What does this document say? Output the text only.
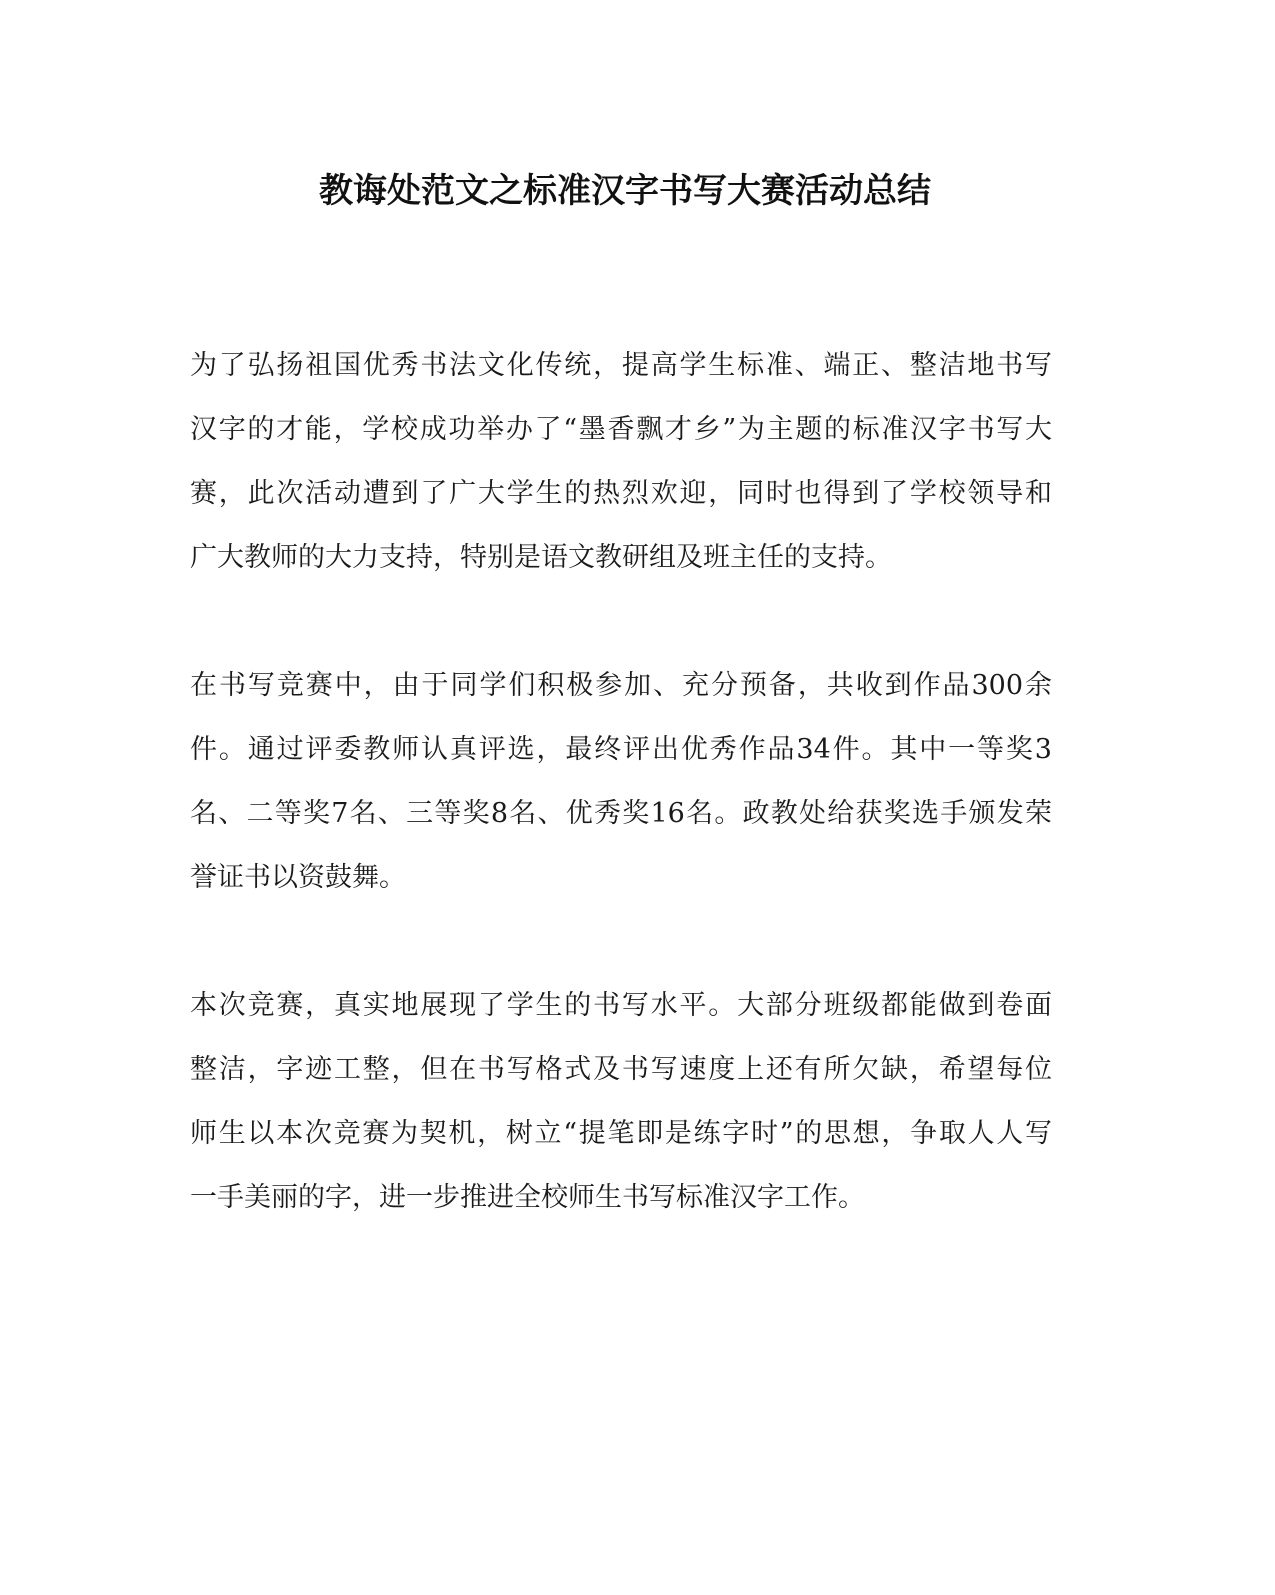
教诲处范文之标准汉字书写大赛活动总结

为了弘扬祖国优秀书法文化传统，提高学生标准、端正、整洁地书写
汉字的才能，学校成功举办了“墨香飘才乡”为主题的标准汉字书写大
赛，此次活动遭到了广大学生的热烈欢迎，同时也得到了学校领导和
广大教师的大力支持，特别是语文教研组及班主任的支持。

在书写竞赛中，由于同学们积极参加、充分预备，共收到作品300余
件。通过评委教师认真评选，最终评出优秀作品34件。其中一等奖3
名、二等奖7名、三等奖8名、优秀奖16名。政教处给获奖选手颁发荣
誉证书以资鼓舞。

本次竞赛，真实地展现了学生的书写水平。大部分班级都能做到卷面
整洁，字迹工整，但在书写格式及书写速度上还有所欠缺，希望每位
师生以本次竞赛为契机，树立“提笔即是练字时”的思想，争取人人写
一手美丽的字，进一步推进全校师生书写标准汉字工作。
